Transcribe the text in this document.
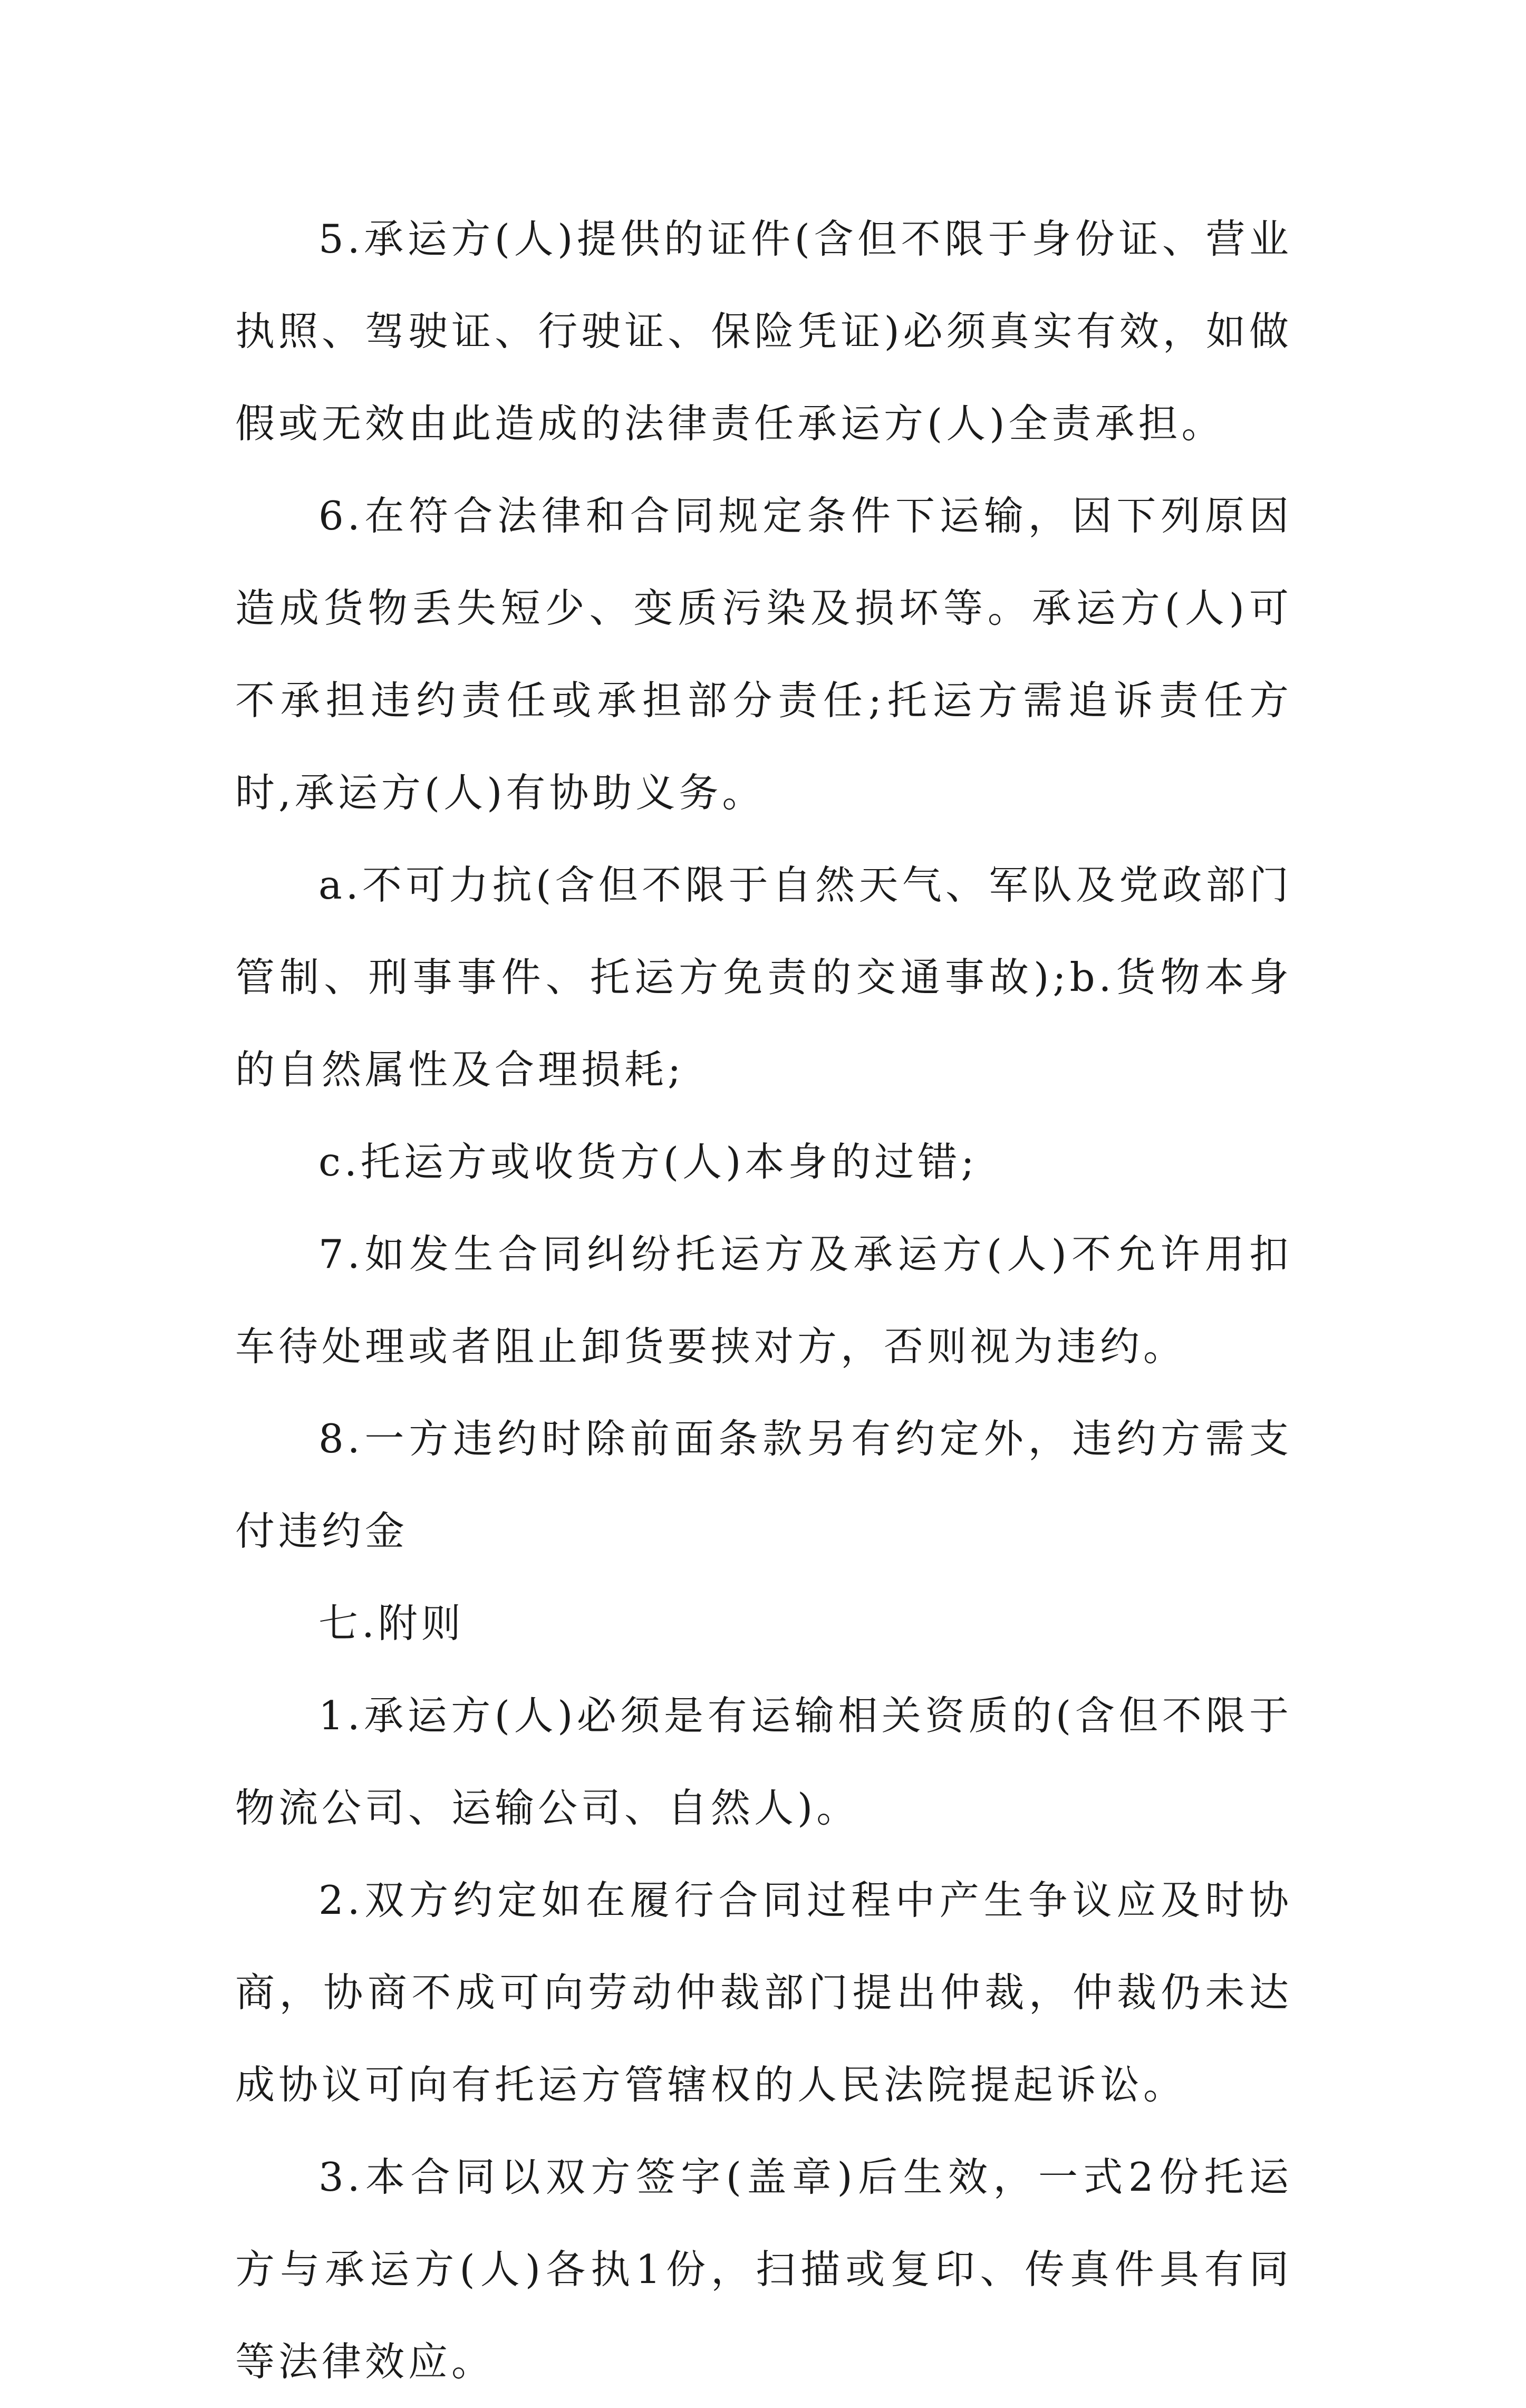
5.承运方(人)提供的证件(含但不限于身份证、营业执照、驾驶证、行驶证、保险凭证)必须真实有效，如做假或无效由此造成的法律责任承运方(人)全责承担。

6.在符合法律和合同规定条件下运输，因下列原因造成货物丢失短少、变质污染及损坏等。承运方(人)可不承担违约责任或承担部分责任;托运方需追诉责任方时,承运方(人)有协助义务。

a.不可力抗(含但不限于自然天气、军队及党政部门管制、刑事事件、托运方免责的交通事故);b.货物本身的自然属性及合理损耗;

c.托运方或收货方(人)本身的过错;

7.如发生合同纠纷托运方及承运方(人)不允许用扣车待处理或者阻止卸货要挟对方，否则视为违约。

8.一方违约时除前面条款另有约定外，违约方需支付违约金

七.附则

1.承运方(人)必须是有运输相关资质的(含但不限于物流公司、运输公司、自然人)。

2.双方约定如在履行合同过程中产生争议应及时协商，协商不成可向劳动仲裁部门提出仲裁，仲裁仍未达成协议可向有托运方管辖权的人民法院提起诉讼。

3.本合同以双方签字(盖章)后生效，一式2份托运方与承运方(人)各执1份，扫描或复印、传真件具有同等法律效应。
